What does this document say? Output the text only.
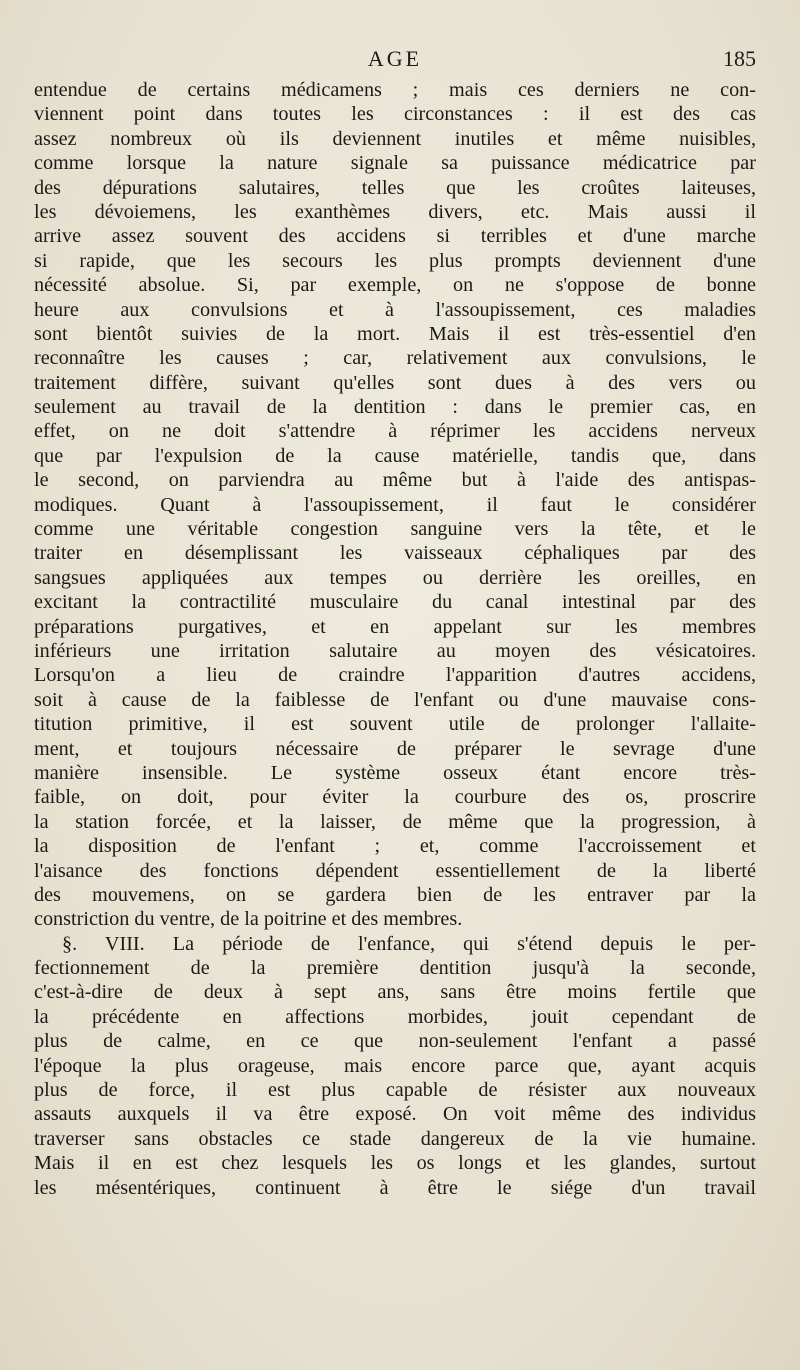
AGE	185
entendue de certains médicamens ; mais ces derniers ne con-
viennent point dans toutes les circonstances : il est des cas
assez nombreux où ils deviennent inutiles et même nuisibles,
comme lorsque la nature signale sa puissance médicatrice par
des dépurations salutaires, telles que les croûtes laiteuses,
les dévoiemens, les exanthèmes divers, etc. Mais aussi il
arrive assez souvent des accidens si terribles et d'une marche
si rapide, que les secours les plus prompts deviennent d'une
nécessité absolue. Si, par exemple, on ne s'oppose de bonne
heure aux convulsions et à l'assoupissement, ces maladies
sont bientôt suivies de la mort. Mais il est très-essentiel d'en
reconnaître les causes ; car, relativement aux convulsions, le
traitement diffère, suivant qu'elles sont dues à des vers ou
seulement au travail de la dentition : dans le premier cas, en
effet, on ne doit s'attendre à réprimer les accidens nerveux
que par l'expulsion de la cause matérielle, tandis que, dans
le second, on parviendra au même but à l'aide des antispas-
modiques. Quant à l'assoupissement, il faut le considérer
comme une véritable congestion sanguine vers la tête, et le
traiter en désemplissant les vaisseaux céphaliques par des
sangsues appliquées aux tempes ou derrière les oreilles, en
excitant la contractilité musculaire du canal intestinal par des
préparations purgatives, et en appelant sur les membres
inférieurs une irritation salutaire au moyen des vésicatoires.
Lorsqu'on a lieu de craindre l'apparition d'autres accidens,
soit à cause de la faiblesse de l'enfant ou d'une mauvaise cons-
titution primitive, il est souvent utile de prolonger l'allaite-
ment, et toujours nécessaire de préparer le sevrage d'une
manière insensible. Le système osseux étant encore très-
faible, on doit, pour éviter la courbure des os, proscrire
la station forcée, et la laisser, de même que la progression, à
la disposition de l'enfant ; et, comme l'accroissement et
l'aisance des fonctions dépendent essentiellement de la liberté
des mouvemens, on se gardera bien de les entraver par la
constriction du ventre, de la poitrine et des membres.
§. VIII. La période de l'enfance, qui s'étend depuis le per-
fectionnement de la première dentition jusqu'à la seconde,
c'est-à-dire de deux à sept ans, sans être moins fertile que
la précédente en affections morbides, jouit cependant de
plus de calme, en ce que non-seulement l'enfant a passé
l'époque la plus orageuse, mais encore parce que, ayant acquis
plus de force, il est plus capable de résister aux nouveaux
assauts auxquels il va être exposé. On voit même des individus
traverser sans obstacles ce stade dangereux de la vie humaine.
Mais il en est chez lesquels les os longs et les glandes, surtout
les mésentériques, continuent à être le siége d'un travail
